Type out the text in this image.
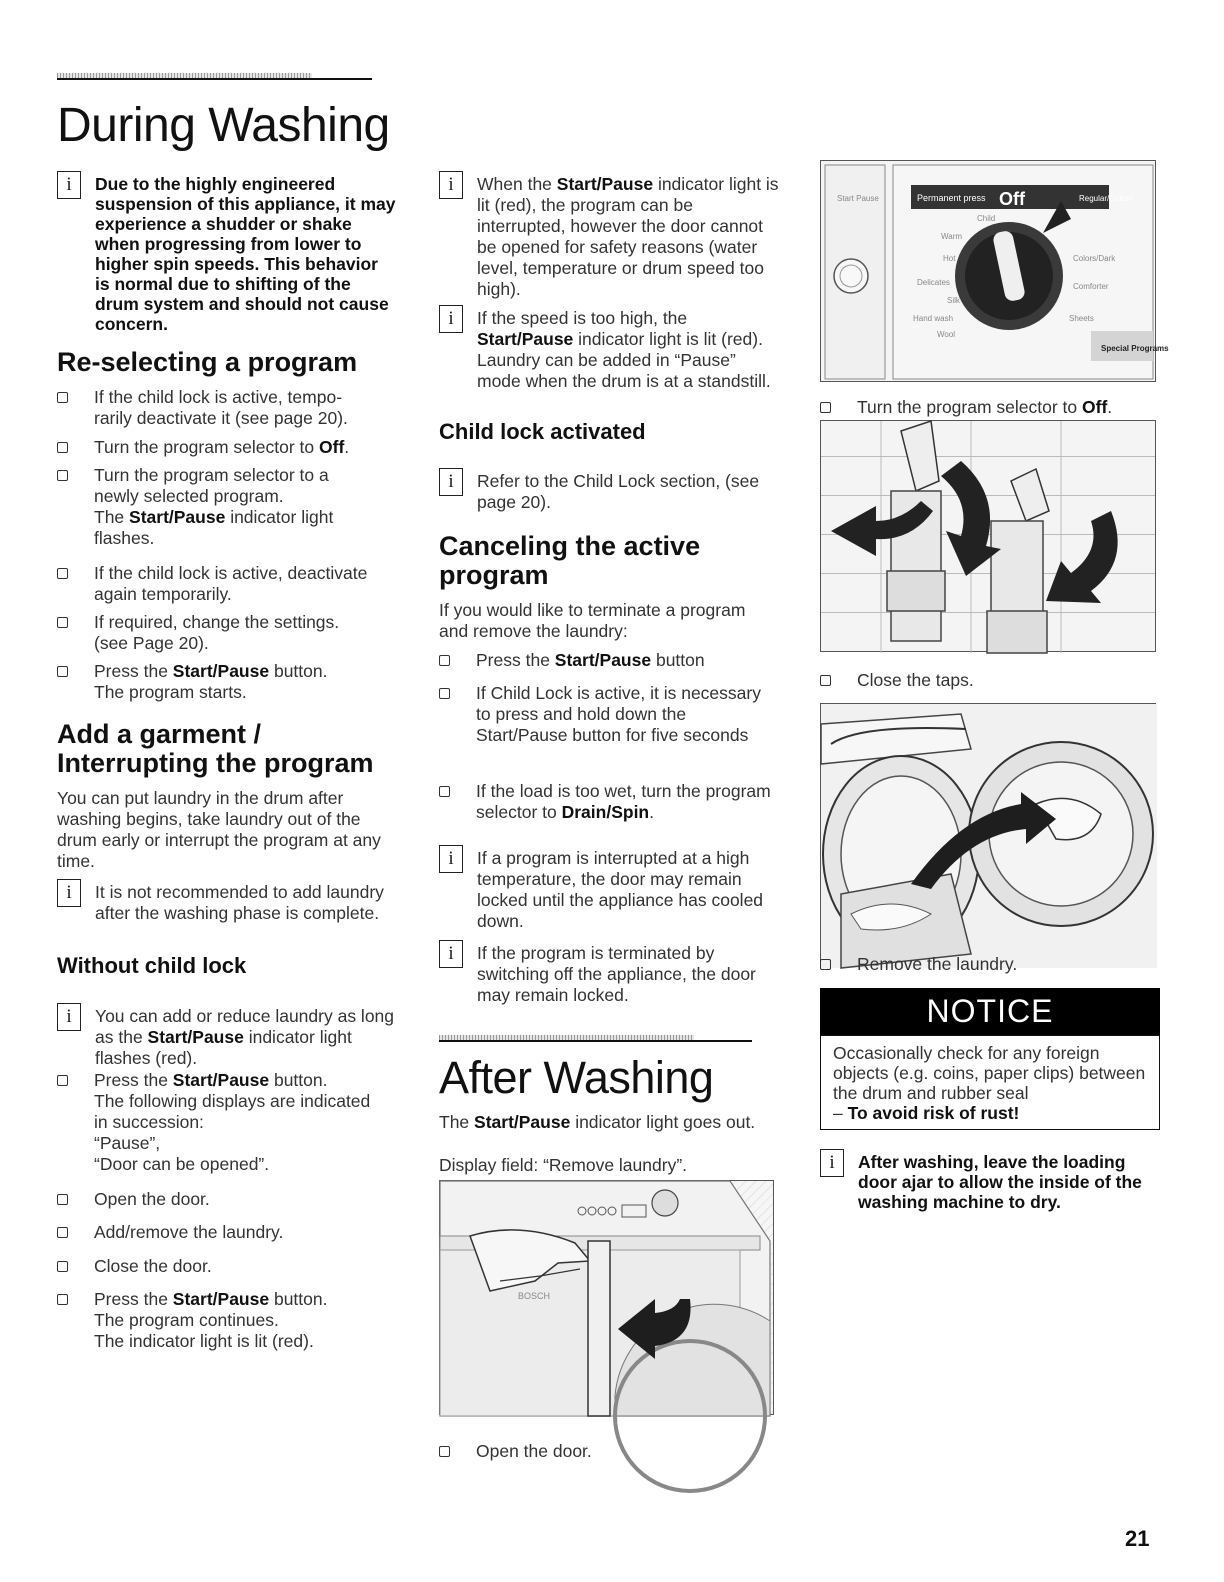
During Washing
i	Due to the highly engineered suspension of this appliance, it may experience a shudder or shake when progressing from lower to higher spin speeds. This behavior is normal due to shifting of the drum system and should not cause concern.
Re-selecting a program

If the child lock is active, tempo-rarily deactivate it (see page 20).

Turn the program selector to Off.

Turn the program selector to a newly selected program.
The Start/Pause indicator light flashes.

If the child lock is active, deactivate again temporarily.

If required, change the settings. (see Page 20).

Press the Start/Pause button.
The program starts.

Add a garment /
Interrupting the program

You can put laundry in the drum after washing begins, take laundry out of the drum early or interrupt the program at any time.

i	It is not recommended to add laundry after the washing phase is complete.

Without child lock
i	You can add or reduce laundry as long as the Start/Pause indicator light flashes (red).

Press the Start/Pause button.
The following displays are indicated in succession:
“Pause”,
“Door can be opened”.

Open the door.

Add/remove the laundry.

Close the door.

Press the Start/Pause button.
The program continues.
The indicator light is lit (red).

i	When the Start/Pause indicator light is lit (red), the program can be interrupted, however the door cannot be opened for safety reasons (water level, temperature or drum speed too high).

i	If the speed is too high, the Start/Pause indicator light is lit (red). Laundry can be added in “Pause” mode when the drum is at a standstill.

Child lock activated
i	Refer to the Child Lock section, (see page 20).

Canceling the active
program

If you would like to terminate a program and remove the laundry:

Press the Start/Pause button

If Child Lock is active, it is necessary to press and hold down the Start/Pause button for five seconds

If the load is too wet, turn the program selector to Drain/Spin.

i	If a program is interrupted at a high temperature, the door may remain locked until the appliance has cooled down.

i	If the program is terminated by switching off the appliance, the door may remain locked.

After Washing

The Start/Pause indicator light goes out.

Display field: “Remove laundry”.

BOSCH

Open the door.

Start Pause	Permanent press Off	Regular/Cotton
Child
Warm
Hot	Colors/Dark
Delicates
Silk
Comforter
Hand wash
Wool
Sheets
Special Programs

Turn the program selector to Off.

Close the taps.

Remove the laundry.

NOTICE

Occasionally check for any foreign objects (e.g. coins, paper clips) between the drum and rubber seal

– To avoid risk of rust!

i	After washing, leave the loading door ajar to allow the inside of the washing machine to dry.
21
